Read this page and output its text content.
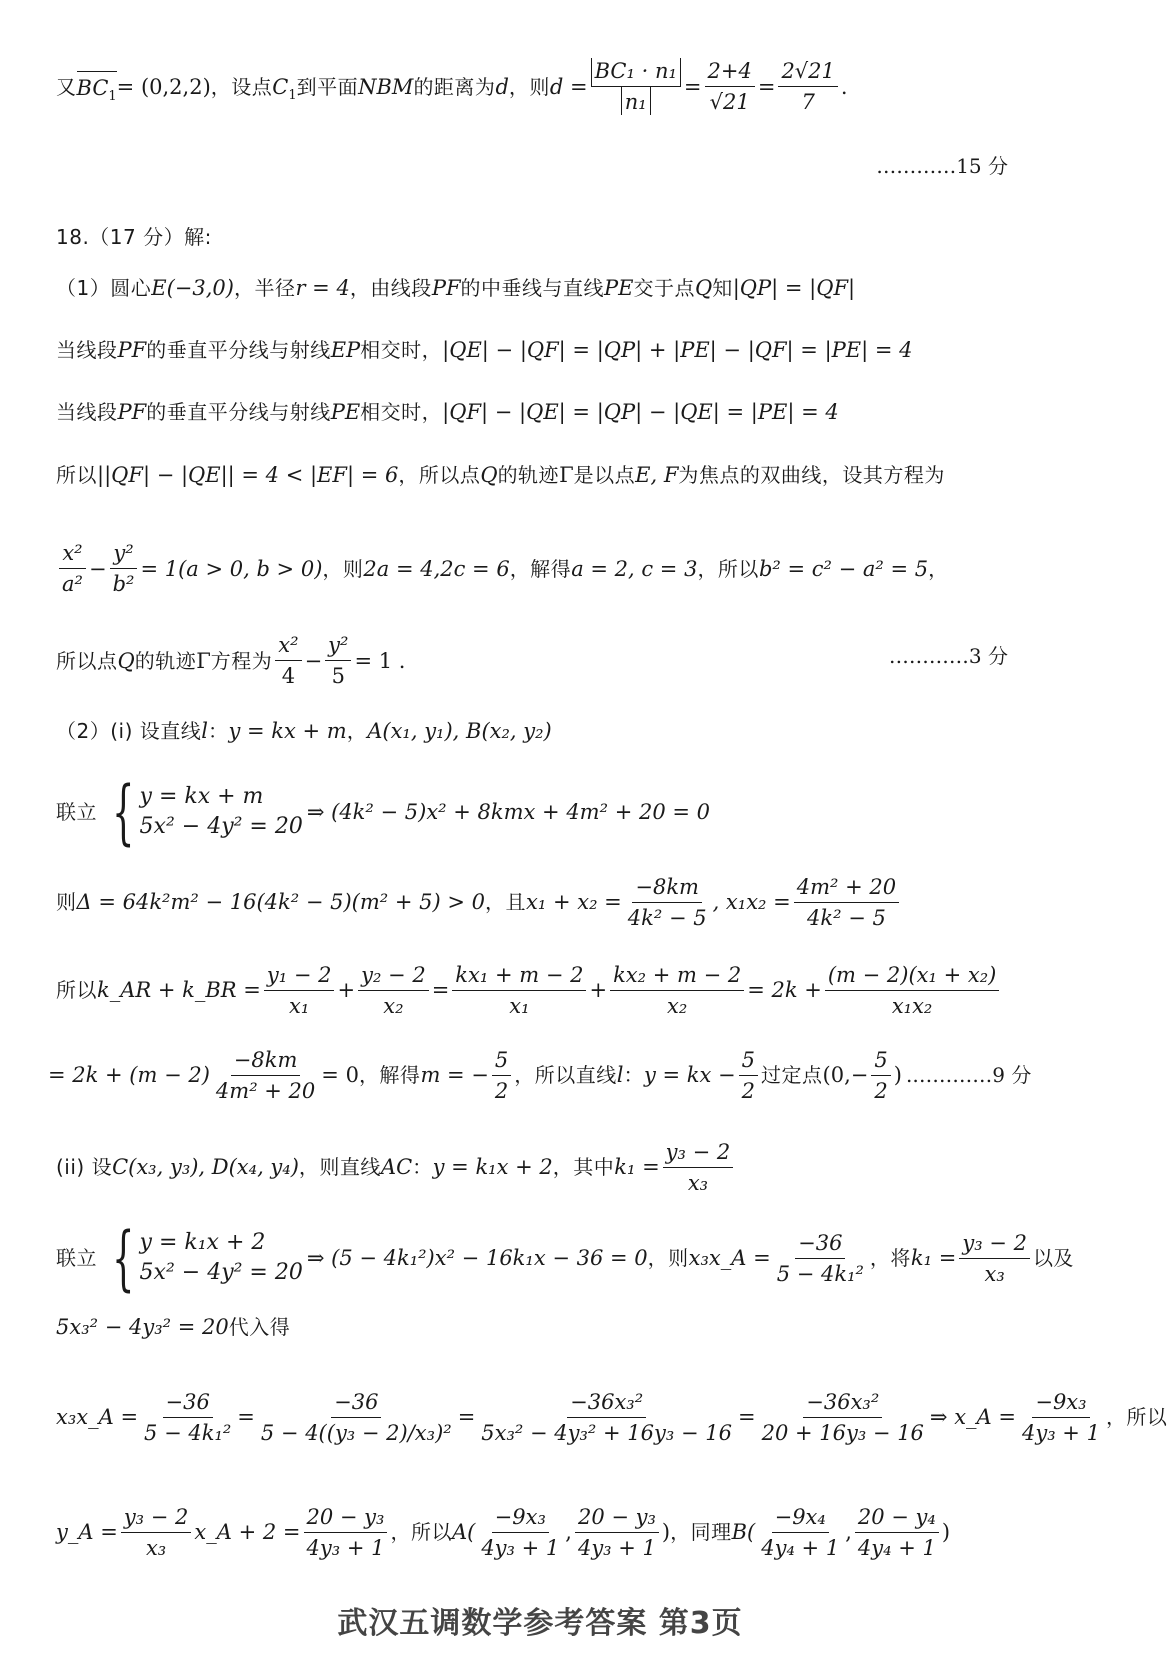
又 $BC_1 = (0,2,2)$ ，设点 $C_1$ 到平面 NBM 的距离为 d ，则 $d = \frac{\text{BC₁ · n₁}}{\text{n₁}} = \frac{2+4}{√21} = \frac{2√21}{7}$ .
…………15 分
18.（17 分）解:
（1）圆心 E(−3,0) ，半径 r = 4 ，由线段 PF 的中垂线与直线 PE 交于点 Q 知 |QP| = |QF|
当线段 PF 的垂直平分线与射线 EP 相交时， |QE| − |QF| = |QP| + |PE| − |QF| = |PE| = 4
当线段 PF 的垂直平分线与射线 PE 相交时， |QF| − |QE| = |QP| − |QE| = |PE| = 4
所以 ||QF| − |QE|| = 4 < |EF| = 6 ，所以点 Q 的轨迹 Γ 是以点 E, F 为焦点的双曲线，设其方程为
$\frac{\text{x²}}{\text{a²}} - \frac{\text{y²}}{\text{b²}} = 1(a > 0$, b > 0) ，则 2a = 4,2c = 6 ，解得 a = 2, c = 3 ，所以 b² = c² − a² = 5 ，
所以点 Q 的轨迹 Γ 方程为 $\frac{\text{x²}}{4} - \frac{\text{y²}}{5} = 1$ .	…………3 分
（2）(i) 设直线 l ： y = kx + m ， A(x₁, y₁), B(x₂, y₂)
联立 { y = kx + m
5x² − 4y² = 20
⇒ (4k² − 5)x² + 8kmx + 4m² + 20 = 0
则 Δ = 64k²m² − 16(4k² − 5)(m² + 5) > 0 ，且 $x_1 + x_2 = \frac{-8km}{\text{4k² − 5}}$ , $x_1x_2 = \frac{\text{4m² + 20}}{\text{4k² − 5}}$
所以 k_AR + k_BR = $\frac{\text{y₁ − 2}}{\text{x₁}} + \frac{\text{y₂ − 2}}{\text{x₂}} = \frac{\text{kx₁ + m − 2}}{\text{x₁}} + \frac{\text{kx₂ + m − 2}}{\text{x₂}} = 2k + \frac{\text{(m − 2)(x₁ + x₂)}}{\text{x₁x₂}}$
= $2k + (m - 2) \frac{-8km}{\text{4m² + 20}} = 0$ ，解得 m = − $\frac{5}{2}$ ，所以直线 l ： y = kx − $\frac{5}{2}$ 过定点 ($0,- \frac{5}{2}$ ) .…………9 分
(ii) 设 C(x₃, y₃), D(x₄, y₄) ，则直线 AC ： y = k₁x + 2 ，其中 $k_1 = \frac{\text{y₃ − 2}}{\text{x₃}}$
联立 { y = k₁x + 2
5x² − 4y² = 20
⇒ (5 − 4k₁²)x² − 16k₁x − 36 = 0 ，则 x₃x_A = $\frac{-36}{\text{5 − 4k₁²}}$ ，将 $k_1 = \frac{\text{y₃ − 2}}{\text{x₃}}$ 以及
5x₃² − 4y₃² = 20 代入得
x₃x_A = $\frac{-36}{\text{5 − 4k₁²}} = \frac{-36}{\text{5 − 4((y₃ − 2)/x₃)²}} = \frac{\text{−36x₃²}}{\text{5x₃² − 4y₃² + 16y₃ − 16}} = \frac{\text{−36x₃²}}{\text{20 + 16y₃ − 16}}$ ⇒ x_A = $\frac{\text{−9x₃}}{\text{4y₃ + 1}}$ ，所以
y_A = $\frac{\text{y₃ − 2}}{\text{x₃}}$ x_A + $2 = \frac{\text{20 − y₃}}{\text{4y₃ + 1}}$ ，所以 $A( \frac{\text{−9x₃}}{\text{4y₃ + 1}}$ , $\frac{\text{20 − y₃}}{\text{4y₃ + 1}}$ ) ，同理 $B( \frac{\text{−9x₄}}{\text{4y₄ + 1}}$ , $\frac{\text{20 − y₄}}{\text{4y₄ + 1}}$ )
武汉五调数学参考答案 第3页
